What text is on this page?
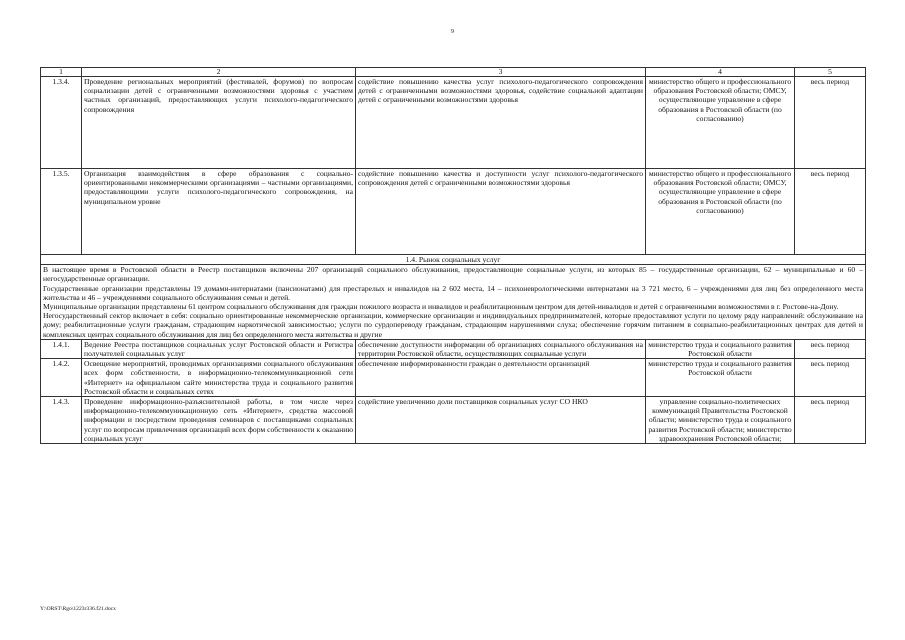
9
1	2	3	4	5
1.3.4.	Проведение региональных мероприятий (фестивалей, форумов) по вопросам социализации детей с ограниченными возможностями здоровья с участием частных организаций, предоставляющих услуги психолого-педагогического сопровождения	содействие повышению качества услуг психолого-педагогического сопровождения детей с ограниченными возможностями здоровья, содействие социальной адаптации детей с ограниченными возможностями здоровья	министерство общего и профессионального образования Ростовской области; ОМСУ, осуществляющие управление в сфере образования в Ростовской области (по согласованию)	весь период
1.3.5.	Организация взаимодействия в сфере образования с социально-ориентированными некоммерческими организациями – частными организациями, предоставляющими услуги психолого-педагогического сопровождения, на муниципальном уровне	содействие повышению качества и доступности услуг психолого-педагогического сопровождения детей с ограниченными возможностями здоровья	министерство общего и профессионального образования Ростовской области; ОМСУ, осуществляющие управление в сфере образования в Ростовской области (по согласованию)	весь период
1.4. Рынок социальных услуг				

В настоящее время в Ростовской области в Реестр поставщиков включены 207 организаций социального обслуживания, предоставляющие социальные услуги, из которых 85 – государственные организации, 62 – муниципальные и 60 – негосударственные организации.

Государственные организации представлены 19 домами-интернатами (пансионатами) для престарелых и инвалидов на 2 602 места, 14 – психоневрологическими интернатами на 3 721 место, 6 – учреждениями для лиц без определенного места жительства и 46 – учреждениями социального обслуживания семьи и детей.

Муниципальные организации представлены 61 центром социального обслуживания для граждан пожилого возраста и инвалидов и реабилитационным центром для детей-инвалидов и детей с ограниченными возможностями в г. Ростове-на-Дону.

Негосударственный сектор включает в себя: социально ориентированные некоммерческие организации, коммерческие организации и индивидуальных предпринимателей, которые предоставляют услуги по целому ряду направлений: обслуживание на дому; реабилитационные услуги гражданам, страдающим наркотической зависимостью; услуги по сурдопереводу гражданам, страдающим нарушениями слуха; обеспечение горячим питанием в социально-реабилитационных центрах для детей и комплексных центрах социального обслуживания для лиц без определенного места жительства и другие				

1.4.1.	Ведение Реестра поставщиков социальных услуг Ростовской области и Регистра получателей социальных услуг	обеспечение доступности информации об организациях социального обслуживания на территории Ростовской области, осуществляющих социальные услуги	министерство труда и социального развития Ростовской области	весь период
1.4.2.	Освещение мероприятий, проводимых организациями социального обслуживания всех форм собственности, в информационно-телекоммуникационной сети «Интернет» на официальном сайте министерства труда и социального развития Ростовской области и социальных сетях	обеспечение информированности граждан о деятельности организаций	министерство труда и социального развития Ростовской области	весь период
1.4.3.	Проведение информационно-разъяснительной работы, в том числе через информационно-телекоммуникационную сеть «Интернет», средства массовой информации и посредством проведения семинаров с поставщиками социальных услуг по вопросам привлечения организаций всех форм собственности к оказанию социальных услуг	содействие увеличению доли поставщиков социальных услуг СО НКО	управление социально-политических коммуникаций Правительства Ростовской области; министерство труда и социального развития Ростовской области; министерство здравоохранения Ростовской области;	весь период
Y:\ORST\Rgo\1223r336.f21.docx
